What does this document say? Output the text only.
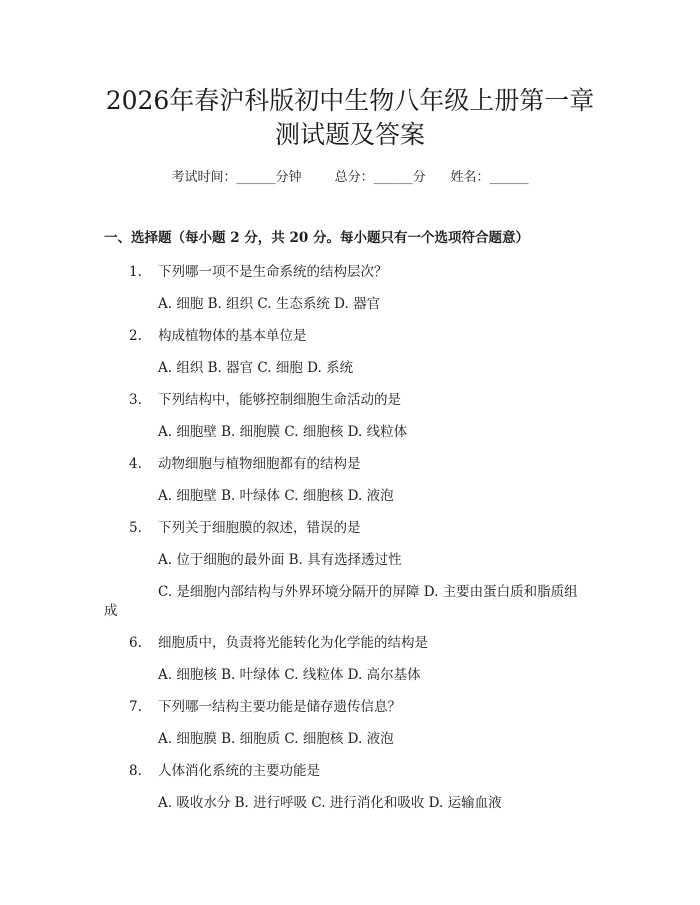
2026年春沪科版初中生物八年级上册第一章
测试题及答案
考试时间：______分钟	总分：______分 姓名：______
一、选择题（每小题 2 分，共 20 分。每小题只有一个选项符合题意）
1. 下列哪一项不是生命系统的结构层次？
A. 细胞 B. 组织 C. 生态系统 D. 器官
2. 构成植物体的基本单位是
A. 组织 B. 器官 C. 细胞 D. 系统
3. 下列结构中，能够控制细胞生命活动的是
A. 细胞壁 B. 细胞膜 C. 细胞核 D. 线粒体
4. 动物细胞与植物细胞都有的结构是
A. 细胞壁 B. 叶绿体 C. 细胞核 D. 液泡
5. 下列关于细胞膜的叙述，错误的是
A. 位于细胞的最外面 B. 具有选择透过性
C. 是细胞内部结构与外界环境分隔开的屏障 D. 主要由蛋白质和脂质组
成
6. 细胞质中，负责将光能转化为化学能的结构是
A. 细胞核 B. 叶绿体 C. 线粒体 D. 高尔基体
7. 下列哪一结构主要功能是储存遗传信息？
A. 细胞膜 B. 细胞质 C. 细胞核 D. 液泡
8. 人体消化系统的主要功能是
A. 吸收水分 B. 进行呼吸 C. 进行消化和吸收 D. 运输血液
